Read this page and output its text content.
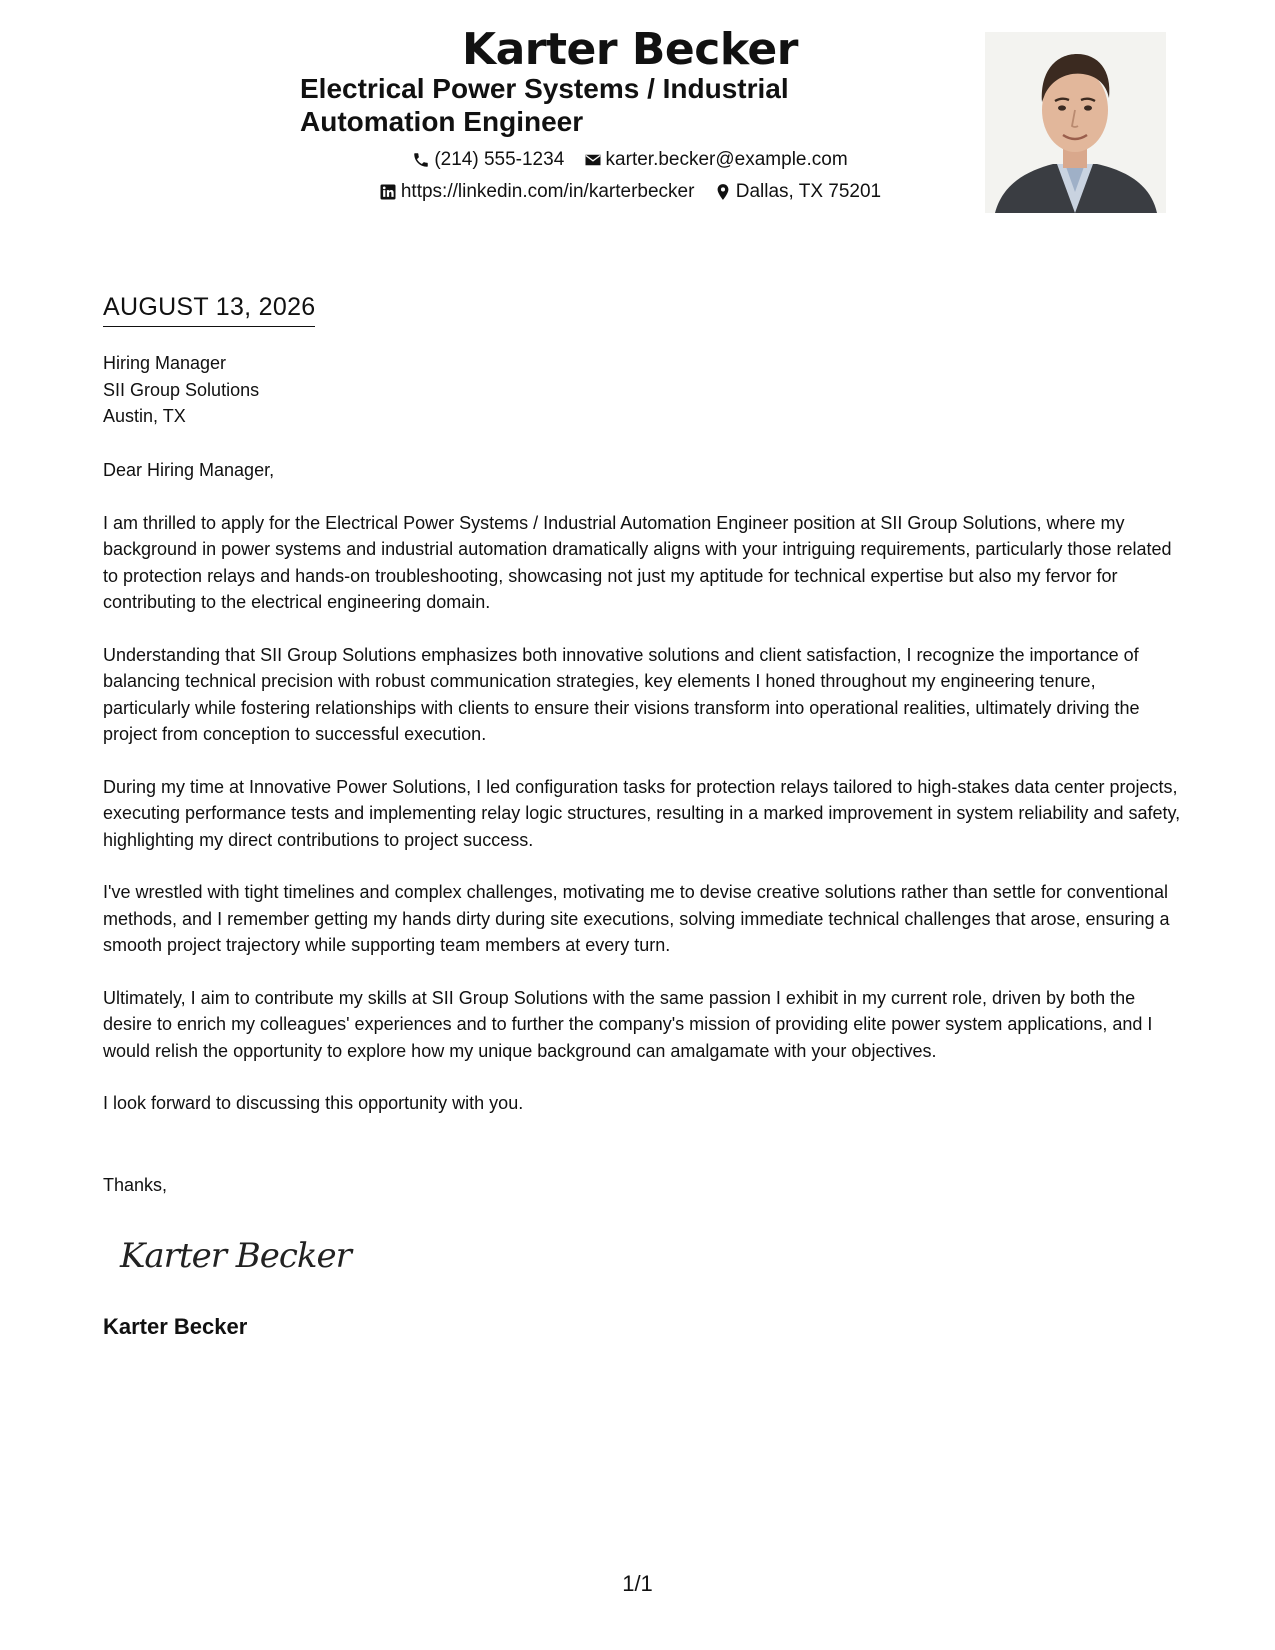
Karter Becker
Electrical Power Systems / Industrial Automation Engineer
(214) 555-1234
karter.becker@example.com
https://linkedin.com/in/karterbecker
Dallas, TX 75201
AUGUST 13, 2026
Hiring Manager
SII Group Solutions
Austin, TX

Dear Hiring Manager,

I am thrilled to apply for the Electrical Power Systems / Industrial Automation Engineer position at SII Group Solutions, where my background in power systems and industrial automation dramatically aligns with your intriguing requirements, particularly those related to protection relays and hands-on troubleshooting, showcasing not just my aptitude for technical expertise but also my fervor for contributing to the electrical engineering domain.

Understanding that SII Group Solutions emphasizes both innovative solutions and client satisfaction, I recognize the importance of balancing technical precision with robust communication strategies, key elements I honed throughout my engineering tenure, particularly while fostering relationships with clients to ensure their visions transform into operational realities, ultimately driving the project from conception to successful execution.

During my time at Innovative Power Solutions, I led configuration tasks for protection relays tailored to high-stakes data center projects, executing performance tests and implementing relay logic structures, resulting in a marked improvement in system reliability and safety, highlighting my direct contributions to project success.

I've wrestled with tight timelines and complex challenges, motivating me to devise creative solutions rather than settle for conventional methods, and I remember getting my hands dirty during site executions, solving immediate technical challenges that arose, ensuring a smooth project trajectory while supporting team members at every turn.

Ultimately, I aim to contribute my skills at SII Group Solutions with the same passion I exhibit in my current role, driven by both the desire to enrich my colleagues' experiences and to further the company's mission of providing elite power system applications, and I would relish the opportunity to explore how my unique background can amalgamate with your objectives.

I look forward to discussing this opportunity with you.

Thanks,
Karter Becker
Karter Becker
1/1
